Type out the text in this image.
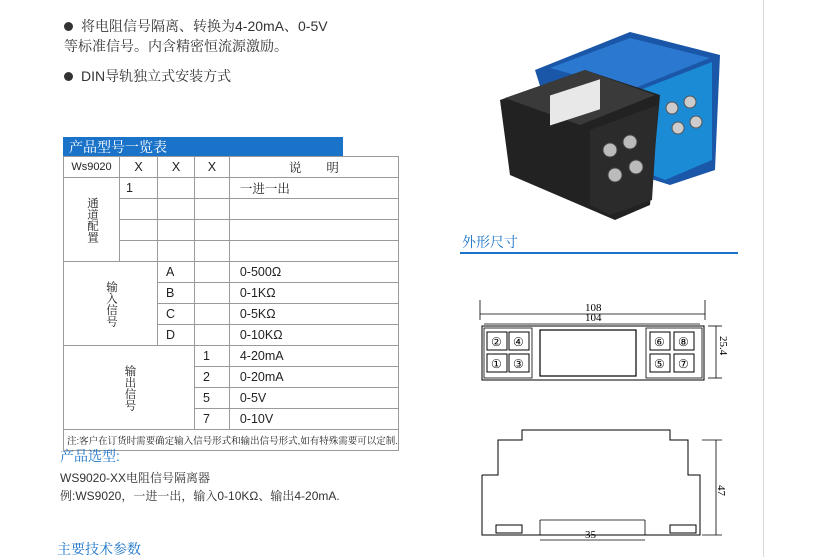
将电阻信号隔离、转换为4-20mA、0-5V
等标准信号。内含精密恒流源激励。
DIN导轨独立式安装方式
产品型号一览表
Ws9020	X	X	X	说　　明

通道配置	1			一进一出

输入信号		A		0-500Ω
		B		0-1KΩ
		C		0-5KΩ
		D		0-10KΩ

输出信号			1	4-20mA
			2	0-20mA
			5	0-5V
			7	0-10V
注:客户在订货时需要确定输入信号形式和输出信号形式,如有特殊需要可以定制.				
产品选型:
WS9020-XX电阻信号隔离器
例:WS9020，一进一出，输入0-10KΩ、输出4-20mA.
主要技术参数
外形尺寸
108
104
② ④
① ③
⑥ ⑧
⑤ ⑦
25.4
35
47
